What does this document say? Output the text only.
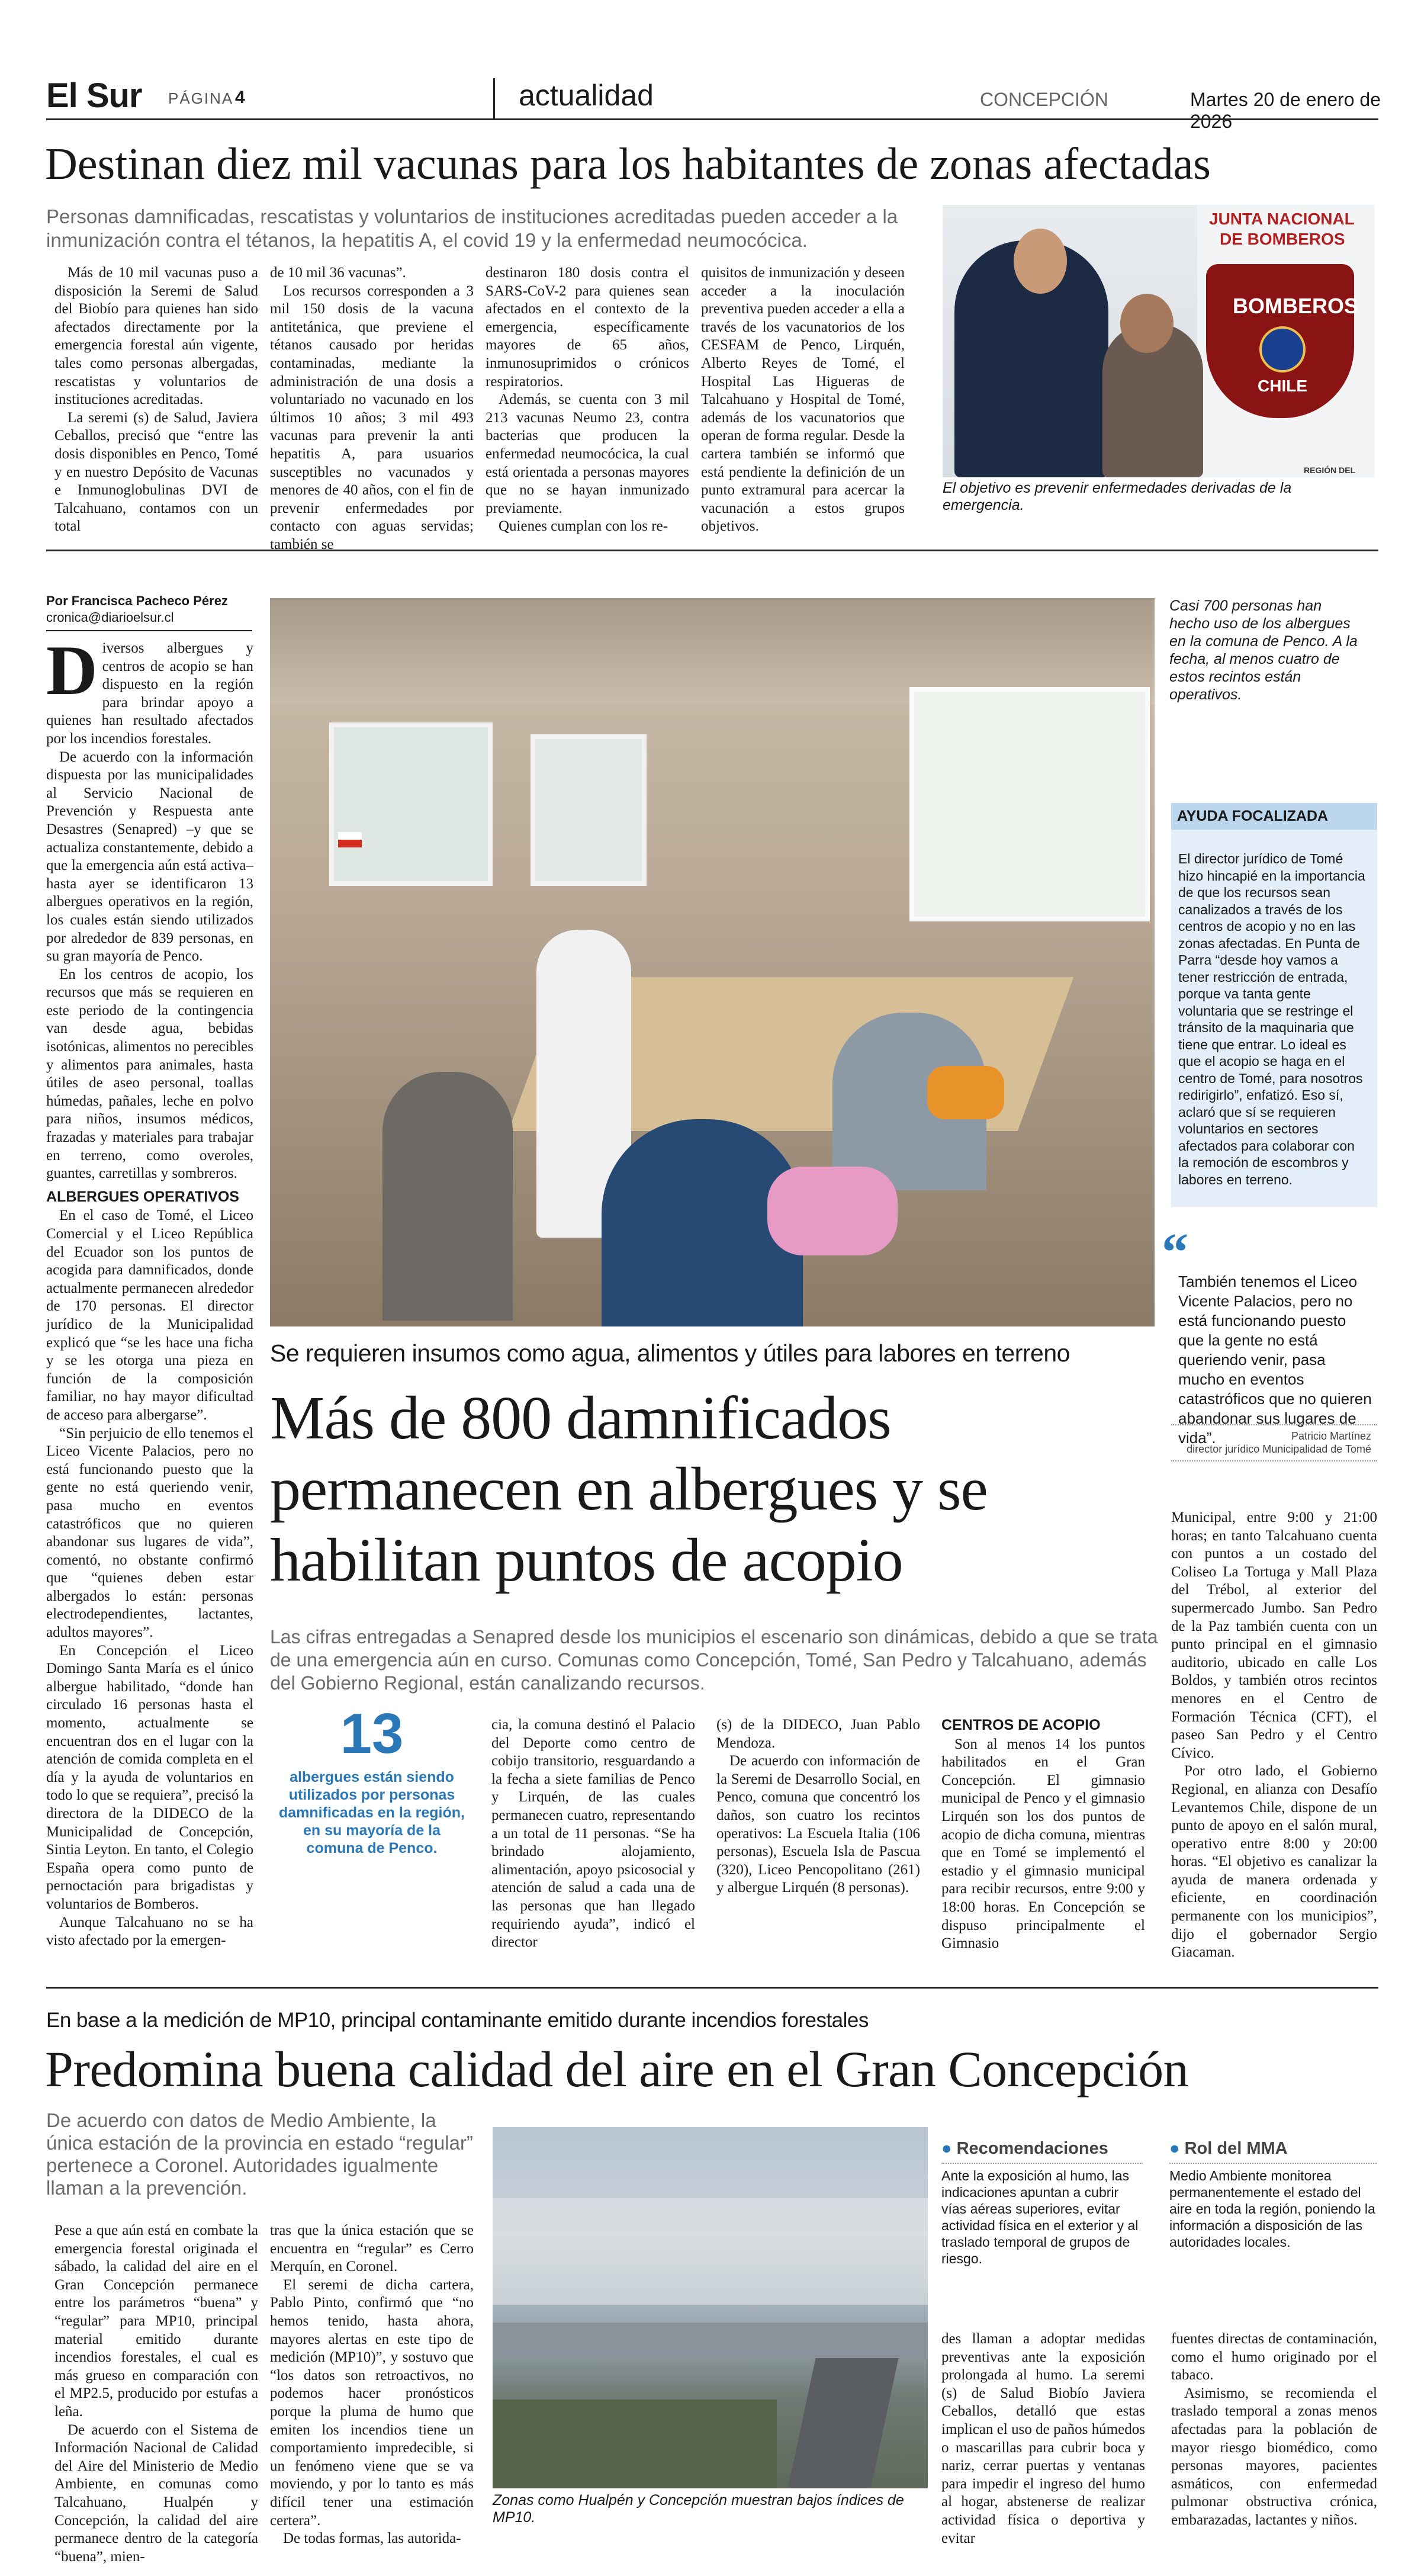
El Sur PÁGINA 4	actualidad	CONCEPCIÓN	Martes 20 de enero de 2026
Destinan diez mil vacunas para los habitantes de zonas afectadas
Personas damnificadas, rescatistas y voluntarios de instituciones acreditadas pueden acceder a la inmunización contra el tétanos, la hepatitis A, el covid 19 y la enfermedad neumocócica.

Más de 10 mil vacunas puso a disposición la Seremi de Salud del Biobío para quienes han sido afectados directamente por la emergencia forestal aún vigente, tales como personas albergadas, rescatistas y voluntarios de instituciones acreditadas.

La seremi (s) de Salud, Javiera Ceballos, precisó que “entre las dosis disponibles en Penco, Tomé y en nuestro Depósito de Vacunas e Inmunoglobulinas DVI de Talcahuano, contamos con un total

de 10 mil 36 vacunas”.

Los recursos corresponden a 3 mil 150 dosis de la vacuna antitetánica, que previene el tétanos causado por heridas contaminadas, mediante la administración de una dosis a voluntariado no vacunado en los últimos 10 años; 3 mil 493 vacunas para prevenir la anti hepatitis A, para usuarios susceptibles no vacunados y menores de 40 años, con el fin de prevenir enfermedades por contacto con aguas servidas; también se

destinaron 180 dosis contra el SARS-CoV-2 para quienes sean afectados en el contexto de la emergencia, específicamente mayores de 65 años, inmunosuprimidos o crónicos respiratorios.

Además, se cuenta con 3 mil 213 vacunas Neumo 23, contra bacterias que producen la enfermedad neumocócica, la cual está orientada a personas mayores que no se hayan inmunizado previamente.

Quienes cumplan con los re-

quisitos de inmunización y deseen acceder a la inoculación preventiva pueden acceder a ella a través de los vacunatorios de los CESFAM de Penco, Lirquén, Alberto Reyes de Tomé, el Hospital Las Higueras de Talcahuano y Hospital de Tomé, además de los vacunatorios que operan de forma regular. Desde la cartera también se informó que está pendiente la definición de un punto extramural para acercar la vacunación a estos grupos objetivos.

JUNTA NACIONAL
DE BOMBEROS
BOMBEROS
CHILE
REGIÓN DEL
El objetivo es prevenir enfermedades derivadas de la emergencia.
Por Francisca Pacheco Pérez
cronica@diarioelsur.cl

Diversos albergues y centros de acopio se han dispuesto en la región para brindar apoyo a quienes han resultado afectados por los incendios forestales.

De acuerdo con la información dispuesta por las municipalidades al Servicio Nacional de Prevención y Respuesta ante Desastres (Senapred) –y que se actualiza constantemente, debido a que la emergencia aún está activa– hasta ayer se identificaron 13 albergues operativos en la región, los cuales están siendo utilizados por alrededor de 839 personas, en su gran mayoría de Penco.

En los centros de acopio, los recursos que más se requieren en este periodo de la contingencia van desde agua, bebidas isotónicas, alimentos no perecibles y alimentos para animales, hasta útiles de aseo personal, toallas húmedas, pañales, leche en polvo para niños, insumos médicos, frazadas y materiales para trabajar en terreno, como overoles, guantes, carretillas y sombreros.

ALBERGUES OPERATIVOS

En el caso de Tomé, el Liceo Comercial y el Liceo República del Ecuador son los puntos de acogida para damnificados, donde actualmente permanecen alrededor de 170 personas. El director jurídico de la Municipalidad explicó que “se les hace una ficha y se les otorga una pieza en función de la composición familiar, no hay mayor dificultad de acceso para albergarse”.

“Sin perjuicio de ello tenemos el Liceo Vicente Palacios, pero no está funcionando puesto que la gente no está queriendo venir, pasa mucho en eventos catastróficos que no quieren abandonar sus lugares de vida”, comentó, no obstante confirmó que “quienes deben estar albergados lo están: personas electrodependientes, lactantes, adultos mayores”.

En Concepción el Liceo Domingo Santa María es el único albergue habilitado, “donde han circulado 16 personas hasta el momento, actualmente se encuentran dos en el lugar con la atención de comida completa en el día y la ayuda de voluntarios en todo lo que se requiera”, precisó la directora de la DIDECO de la Municipalidad de Concepción, Sintia Leyton. En tanto, el Colegio España opera como punto de pernoctación para brigadistas y voluntarios de Bomberos.

Aunque Talcahuano no se ha visto afectado por la emergen-

Casi 700 personas han hecho uso de los albergues en la comuna de Penco. A la fecha, al menos cuatro de estos recintos están operativos.
AYUDA FOCALIZADA
El director jurídico de Tomé hizo hincapié en la importancia de que los recursos sean canalizados a través de los centros de acopio y no en las zonas afectadas. En Punta de Parra “desde hoy vamos a tener restricción de entrada, porque va tanta gente voluntaria que se restringe el tránsito de la maquinaria que tiene que entrar. Lo ideal es que el acopio se haga en el centro de Tomé, para nosotros redirigirlo”, enfatizó. Eso sí, aclaró que sí se requieren voluntarios en sectores afectados para colaborar con la remoción de escombros y labores en terreno.
“
También tenemos el Liceo Vicente Palacios, pero no está funcionando puesto que la gente no está queriendo venir, pasa mucho en eventos catastróficos que no quieren abandonar sus lugares de vida”.	Patricio Martínez
director jurídico Municipalidad de Tomé
Se requieren insumos como agua, alimentos y útiles para labores en terreno
Más de 800 damnificados permanecen en albergues y se habilitan puntos de acopio
Las cifras entregadas a Senapred desde los municipios el escenario son dinámicas, debido a que se trata de una emergencia aún en curso. Comunas como Concepción, Tomé, San Pedro y Talcahuano, además del Gobierno Regional, están canalizando recursos.
13
albergues están siendo utilizados por personas damnificadas en la región, en su mayoría de la comuna de Penco.

cia, la comuna destinó el Palacio del Deporte como centro de cobijo transitorio, resguardando a la fecha a siete familias de Penco y Lirquén, de las cuales permanecen cuatro, representando a un total de 11 personas. “Se ha brindado alojamiento, alimentación, apoyo psicosocial y atención de salud a cada una de las personas que han llegado requiriendo ayuda”, indicó el director

(s) de la DIDECO, Juan Pablo Mendoza.

De acuerdo con información de la Seremi de Desarrollo Social, en Penco, comuna que concentró los daños, son cuatro los recintos operativos: La Escuela Italia (106 personas), Escuela Isla de Pascua (320), Liceo Pencopolitano (261) y albergue Lirquén (8 personas).

CENTROS DE ACOPIO

Son al menos 14 los puntos habilitados en el Gran Concepción. El gimnasio municipal de Penco y el gimnasio Lirquén son los dos puntos de acopio de dicha comuna, mientras que en Tomé se implementó el estadio y el gimnasio municipal para recibir recursos, entre 9:00 y 18:00 horas. En Concepción se dispuso principalmente el Gimnasio

Municipal, entre 9:00 y 21:00 horas; en tanto Talcahuano cuenta con puntos a un costado del Coliseo La Tortuga y Mall Plaza del Trébol, al exterior del supermercado Jumbo. San Pedro de la Paz también cuenta con un punto principal en el gimnasio auditorio, ubicado en calle Los Boldos, y también otros recintos menores en el Centro de Formación Técnica (CFT), el paseo San Pedro y el Centro Cívico.

Por otro lado, el Gobierno Regional, en alianza con Desafío Levantemos Chile, dispone de un punto de apoyo en el salón mural, operativo entre 8:00 y 20:00 horas. “El objetivo es canalizar la ayuda de manera ordenada y eficiente, en coordinación permanente con los municipios”, dijo el gobernador Sergio Giacaman.

En base a la medición de MP10, principal contaminante emitido durante incendios forestales
Predomina buena calidad del aire en el Gran Concepción
De acuerdo con datos de Medio Ambiente, la única estación de la provincia en estado “regular” pertenece a Coronel. Autoridades igualmente llaman a la prevención.

Pese a que aún está en combate la emergencia forestal originada el sábado, la calidad del aire en el Gran Concepción permanece entre los parámetros “buena” y “regular” para MP10, principal material emitido durante incendios forestales, el cual es más grueso en comparación con el MP2.5, producido por estufas a leña.

De acuerdo con el Sistema de Información Nacional de Calidad del Aire del Ministerio de Medio Ambiente, en comunas como Talcahuano, Hualpén y Concepción, la calidad del aire permanece dentro de la categoría “buena”, mien-

tras que la única estación que se encuentra en “regular” es Cerro Merquín, en Coronel.

El seremi de dicha cartera, Pablo Pinto, confirmó que “no hemos tenido, hasta ahora, mayores alertas en este tipo de medición (MP10)”, y sostuvo que “los datos son retroactivos, no podemos hacer pronósticos porque la pluma de humo que emiten los incendios tiene un comportamiento impredecible, si un fenómeno viene que se va moviendo, y por lo tanto es más difícil tener una estimación certera”.

De todas formas, las autorida-

Zonas como Hualpén y Concepción muestran bajos índices de MP10.
● Recomendaciones
Ante la exposición al humo, las indicaciones apuntan a cubrir vías aéreas superiores, evitar actividad física en el exterior y al traslado temporal de grupos de riesgo.
● Rol del MMA
Medio Ambiente monitorea permanentemente el estado del aire en toda la región, poniendo la información a disposición de las autoridades locales.

des llaman a adoptar medidas preventivas ante la exposición prolongada al humo. La seremi (s) de Salud Biobío Javiera Ceballos, detalló que estas implican el uso de paños húmedos o mascarillas para cubrir boca y nariz, cerrar puertas y ventanas para impedir el ingreso del humo al hogar, abstenerse de realizar actividad física o deportiva y evitar

fuentes directas de contaminación, como el humo originado por el tabaco.

Asimismo, se recomienda el traslado temporal a zonas menos afectadas para la población de mayor riesgo biomédico, como personas mayores, pacientes asmáticos, con enfermedad pulmonar obstructiva crónica, embarazadas, lactantes y niños.
